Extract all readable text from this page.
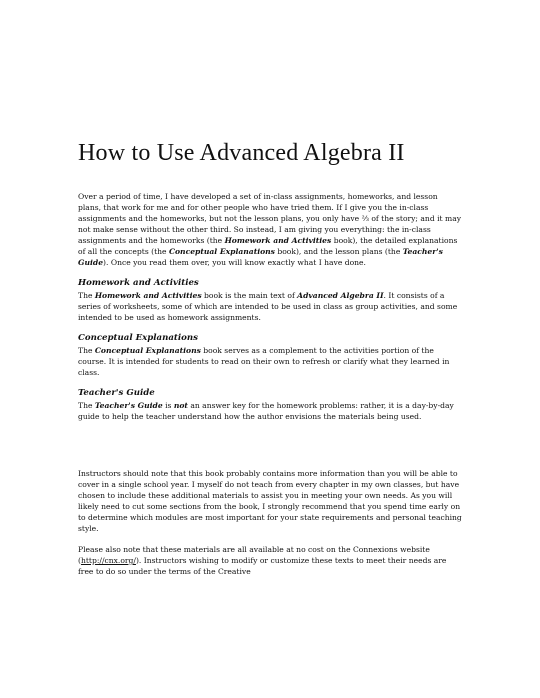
How to Use Advanced Algebra II

Over a period of time, I have developed a set of in-class assignments, homeworks, and lesson plans, that work for me and for other people who have tried them. If I give you the in-class assignments and the homeworks, but not the lesson plans, you only have ⅔ of the story; and it may not make sense without the other third. So instead, I am giving you everything: the in-class assignments and the homeworks (the Homework and Activities book), the detailed explanations of all the concepts (the Conceptual Explanations book), and the lesson plans (the Teacher's Guide). Once you read them over, you will know exactly what I have done.

Homework and Activities

The Homework and Activities book is the main text of Advanced Algebra II. It consists of a series of worksheets, some of which are intended to be used in class as group activities, and some intended to be used as homework assignments.

Conceptual Explanations

The Conceptual Explanations book serves as a complement to the activities portion of the course. It is intended for students to read on their own to refresh or clarify what they learned in class.

Teacher's Guide

The Teacher's Guide is not an answer key for the homework problems: rather, it is a day-by-day guide to help the teacher understand how the author envisions the materials being used.

Instructors should note that this book probably contains more information than you will be able to cover in a single school year. I myself do not teach from every chapter in my own classes, but have chosen to include these additional materials to assist you in meeting your own needs. As you will likely need to cut some sections from the book, I strongly recommend that you spend time early on to determine which modules are most important for your state requirements and personal teaching style.

Please also note that these materials are all available at no cost on the Connexions website (http://cnx.org/). Instructors wishing to modify or customize these texts to meet their needs are free to do so under the terms of the Creative
